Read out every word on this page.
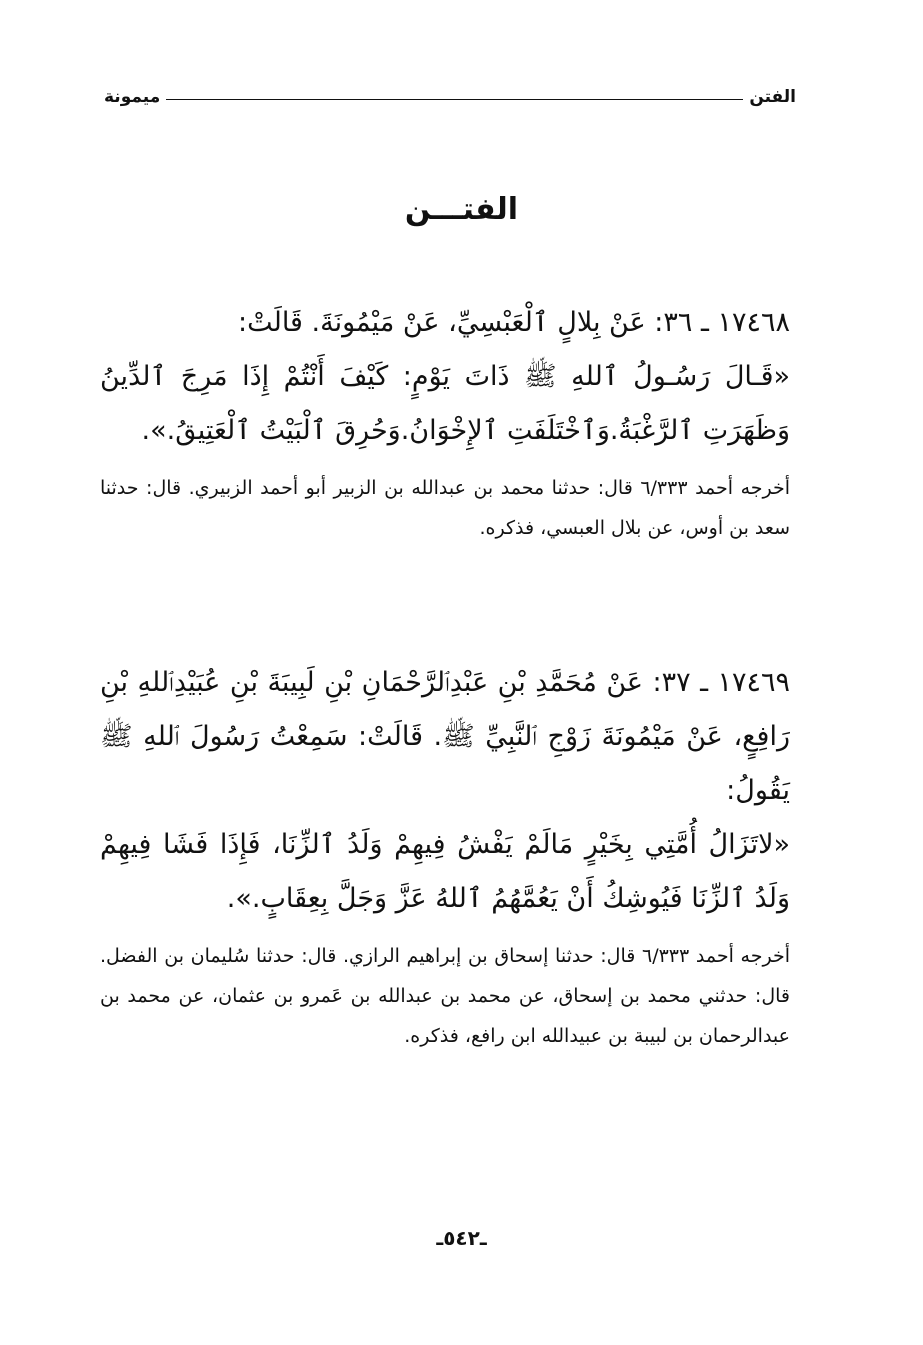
الفتن
ميمونة
الفتـــن

١٧٤٦٨ ـ ٣٦: عَنْ بِلالٍ ٱلْعَبْسِيِّ، عَنْ مَيْمُونَةَ. قَالَتْ:

«قَـالَ رَسُـولُ ٱللهِ ﷺ ذَاتَ يَوْمٍ: كَيْفَ أَنْتُمْ إِذَا مَرِجَ ٱلدِّينُ وَظَهَرَتِ ٱلرَّغْبَةُ.وَٱخْتَلَفَتِ ٱلإِخْوَانُ.وَحُرِقَ ٱلْبَيْتُ ٱلْعَتِيقُ.».

أخرجه أحمد ٦/٣٣٣ قال: حدثنا محمد بن عبدالله بن الزبير أبو أحمد الزبيري. قال: حدثنا سعد بن أوس، عن بلال العبسي، فذكره.

١٧٤٦٩ ـ ٣٧: عَنْ مُحَمَّدِ بْنِ عَبْدِٱلرَّحْمَانِ بْنِ لَبِيبَةَ بْنِ عُبَيْدِٱللهِ بْنِ رَافِعٍ، عَنْ مَيْمُونَةَ زَوْجِ ٱلنَّبِيِّ ﷺ. قَالَتْ: سَمِعْتُ رَسُولَ ٱللهِ ﷺ يَقُولُ:

«لاتَزَالُ أُمَّتِي بِخَيْرٍ مَالَمْ يَفْشُ فِيهِمْ وَلَدُ ٱلزِّنَا، فَإِذَا فَشَا فِيهِمْ وَلَدُ ٱلزِّنَا فَيُوشِكُ أَنْ يَعُمَّهُمُ ٱللهُ عَزَّ وَجَلَّ بِعِقَابٍ.».

أخرجه أحمد ٦/٣٣٣ قال: حدثنا إسحاق بن إبراهيم الرازي. قال: حدثنا سُليمان بن الفضل. قال: حدثني محمد بن إسحاق، عن محمد بن عبدالله بن عَمرو بن عثمان، عن محمد بن عبدالرحمان بن لبيبة بن عبيدالله ابن رافع، فذكره.

ـ٥٤٢ـ
